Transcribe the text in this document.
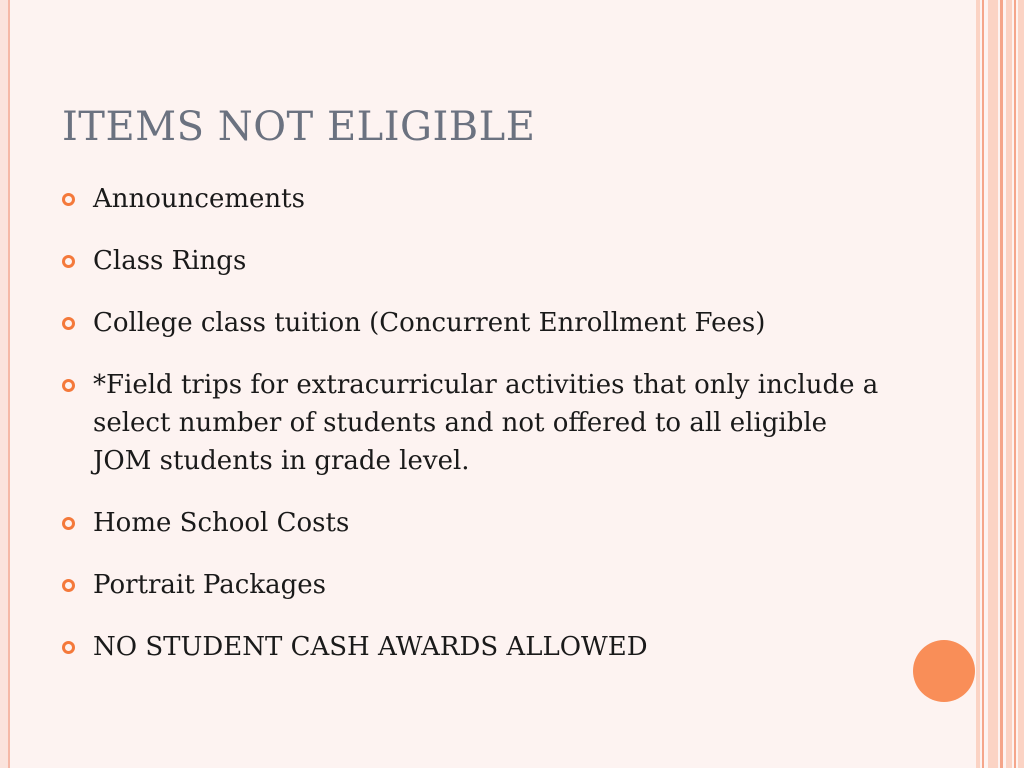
ITEMS NOT ELIGIBLE
Announcements
Class Rings
College class tuition (Concurrent Enrollment Fees)
*Field trips for extracurricular activities that only include a select number of students and not offered to all eligible JOM students in grade level.
Home School Costs
Portrait Packages
NO STUDENT CASH AWARDS ALLOWED
